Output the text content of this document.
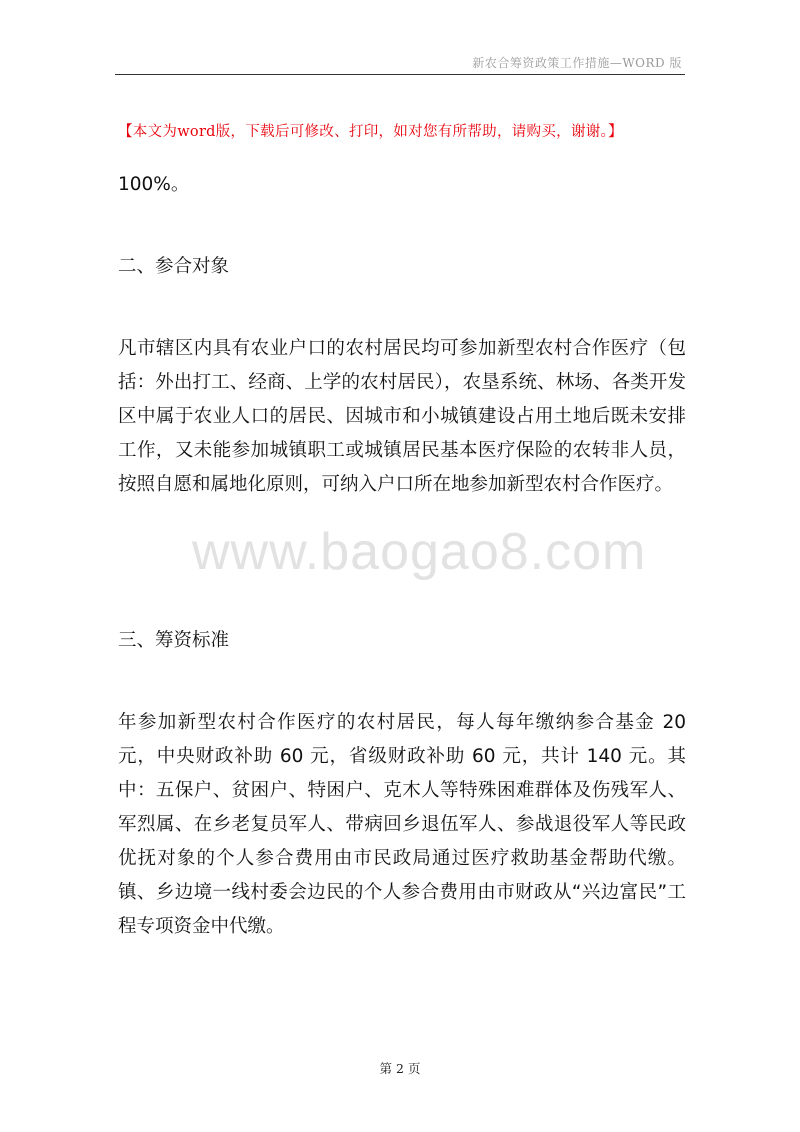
新农合筹资政策工作措施—WORD 版
【本文为word版，下载后可修改、打印，如对您有所帮助，请购买，谢谢。】

100%。

二、参合对象

凡市辖区内具有农业户口的农村居民均可参加新型农村合作医疗（包括：外出打工、经商、上学的农村居民），农垦系统、林场、各类开发区中属于农业人口的居民、因城市和小城镇建设占用土地后既未安排工作，又未能参加城镇职工或城镇居民基本医疗保险的农转非人员，按照自愿和属地化原则，可纳入户口所在地参加新型农村合作医疗。

三、筹资标准

年参加新型农村合作医疗的农村居民，每人每年缴纳参合基金 20 元，中央财政补助 60 元，省级财政补助 60 元，共计 140 元。其中：五保户、贫困户、特困户、克木人等特殊困难群体及伤残军人、军烈属、在乡老复员军人、带病回乡退伍军人、参战退役军人等民政优抚对象的个人参合费用由市民政局通过医疗救助基金帮助代缴。镇、乡边境一线村委会边民的个人参合费用由市财政从“兴边富民”工程专项资金中代缴。

www.baogao8.com
第 2 页
